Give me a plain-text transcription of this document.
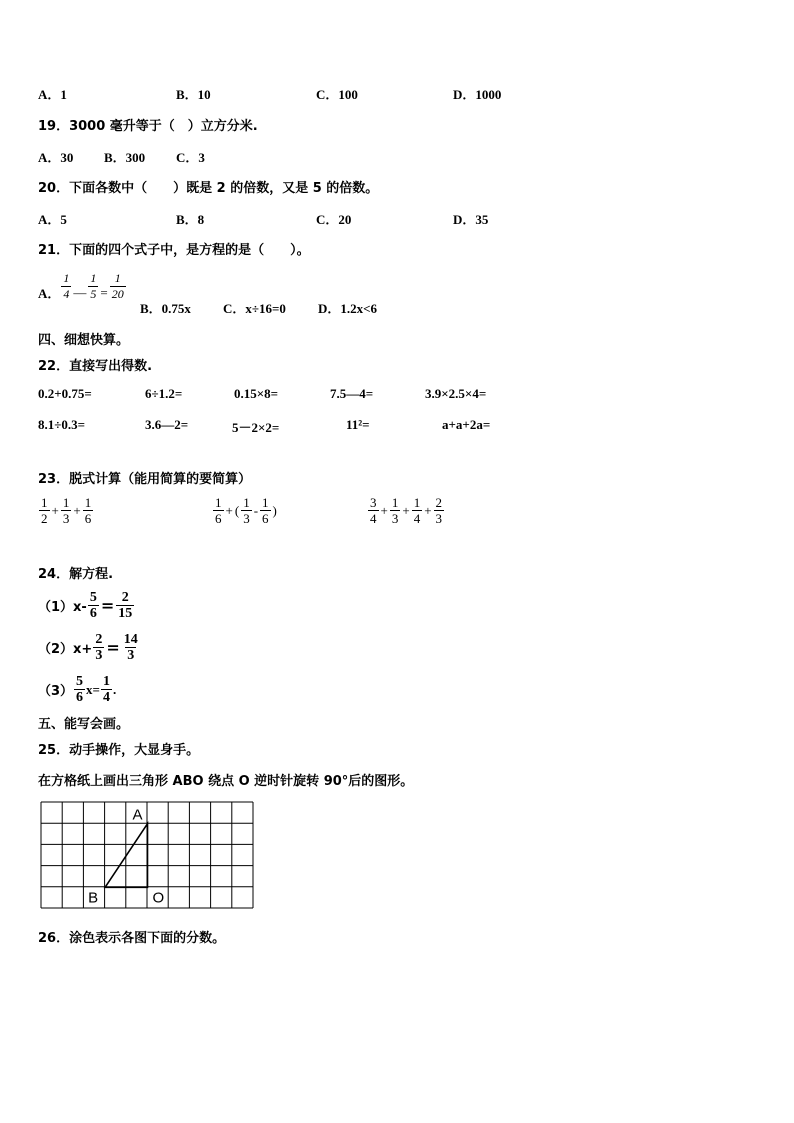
A．1	B．10	C．100	D．1000
19．3000 毫升等于（　）立方分米.
A．30 B．300 C．3
20．下面各数中（　　）既是 2 的倍数，又是 5 的倍数。
A．5	B．8	C．20	D．35
21．下面的四个式子中，是方程的是（　　）。
A． $\frac{1}{4}$ — $\frac{1}{5} = \frac{1}{20}$
B．0.75x C．x÷16=0 D．1.2x<6
四、细想快算。
22．直接写出得数.
0.2+0.75=	6÷1.2=	0.15×8=	7.5—4=	3.9×2.5×4=
8.1÷0.3=	3.6—2=	5－2×2=	11²=	a+a+2a=
23．脱式计算（能用简算的要简算）
$\frac{1}{2} + \frac{1}{3} + \frac{1}{6}$	$\frac{1}{6}$ + ( $\frac{1}{3} - \frac{1}{6}$ )	$\frac{3}{4} + \frac{1}{3} + \frac{1}{4} + \frac{2}{3}$
24．解方程.
$(1)x- \frac{5}{6} = \frac{2}{15}$
$(2)x+ \frac{2}{3} = \frac{14}{3}$
$(3) \frac{5}{6} x= \frac{1}{4}$ .
五、能写会画。
25．动手操作，大显身手。
在方格纸上画出三角形 ABO 绕点 O 逆时针旋转 90°后的图形。
A
B	O
26．涂色表示各图下面的分数。
